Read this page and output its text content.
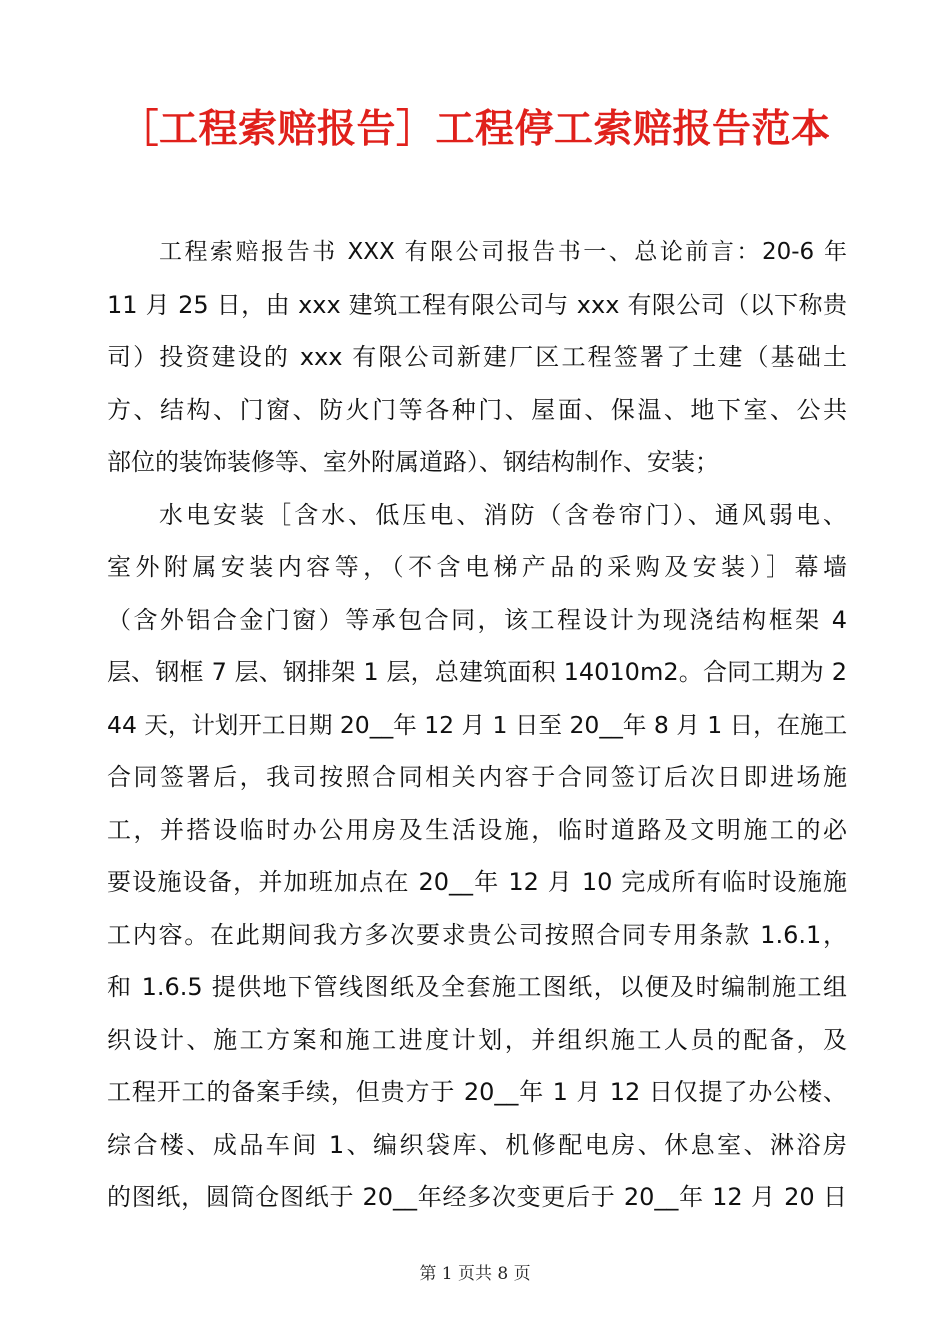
［工程索赔报告］工程停工索赔报告范本
工程索赔报告书 XXX 有限公司报告书一、总论前言：20-6 年
11 月 25 日，由 xxx 建筑工程有限公司与 xxx 有限公司（以下称贵
司）投资建设的 xxx 有限公司新建厂区工程签署了土建（基础土
方、结构、门窗、防火门等各种门、屋面、保温、地下室、公共
部位的装饰装修等、室外附属道路）、钢结构制作、安装；
水电安装［含水、低压电、消防（含卷帘门）、通风弱电、
室外附属安装内容等，（不含电梯产品的采购及安装）］幕墙
（含外铝合金门窗）等承包合同，该工程设计为现浇结构框架 4
层、钢框 7 层、钢排架 1 层，总建筑面积 14010m2。合同工期为 2
44 天，计划开工日期 20__年 12 月 1 日至 20__年 8 月 1 日，在施工
合同签署后，我司按照合同相关内容于合同签订后次日即进场施
工，并搭设临时办公用房及生活设施，临时道路及文明施工的必
要设施设备，并加班加点在 20__年 12 月 10 完成所有临时设施施
工内容。在此期间我方多次要求贵公司按照合同专用条款 1.6.1，
和 1.6.5 提供地下管线图纸及全套施工图纸，以便及时编制施工组
织设计、施工方案和施工进度计划，并组织施工人员的配备，及
工程开工的备案手续，但贵方于 20__年 1 月 12 日仅提了办公楼、
综合楼、成品车间 1、编织袋库、机修配电房、休息室、淋浴房
的图纸，圆筒仓图纸于 20__年经多次变更后于 20__年 12 月 20 日
第 1 页共 8 页
